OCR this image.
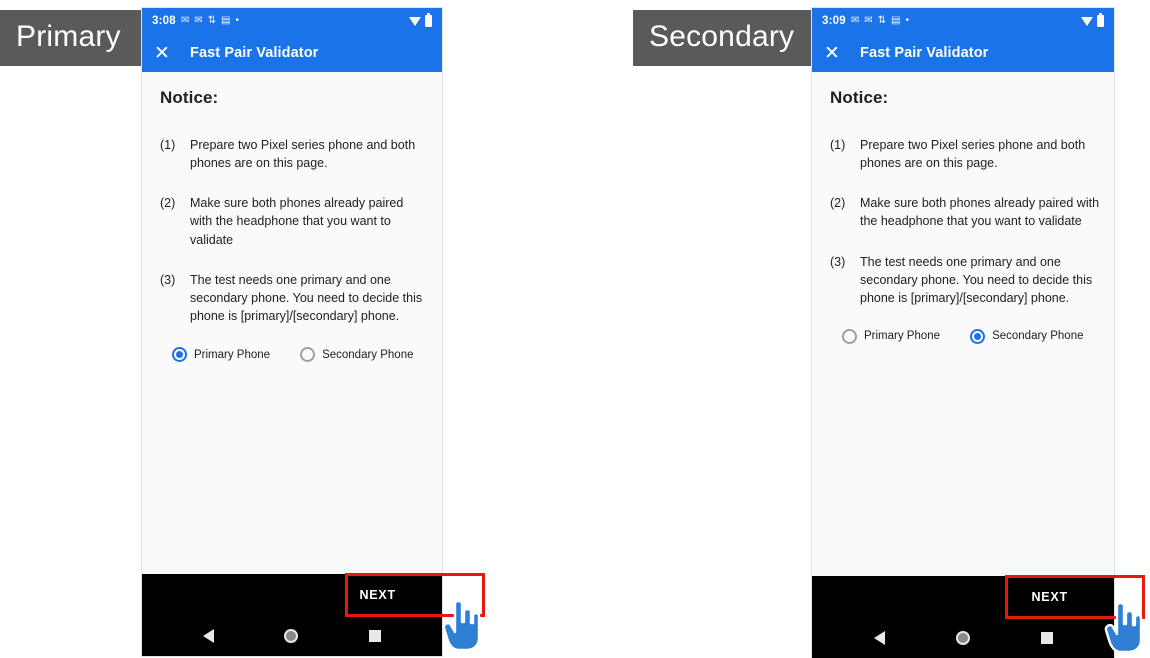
Primary	3:08 ✉ ✉ ⇅ ▤ •
✕	Fast Pair Validator
Notice:
(1)	Prepare two Pixel series phone and both phones are on this page.
(2)	Make sure both phones already paired with the headphone that you want to validate
(3)	The test needs one primary and one secondary phone. You need to decide this phone is [primary]/[secondary] phone.
Primary Phone	Secondary Phone
NEXT
Secondary	3:09 ✉ ✉ ⇅ ▤ •
✕	Fast Pair Validator
Notice:
(1)	Prepare two Pixel series phone and both phones are on this page.
(2)	Make sure both phones already paired with the headphone that you want to validate
(3)	The test needs one primary and one secondary phone. You need to decide this phone is [primary]/[secondary] phone.
Primary Phone	Secondary Phone
NEXT
